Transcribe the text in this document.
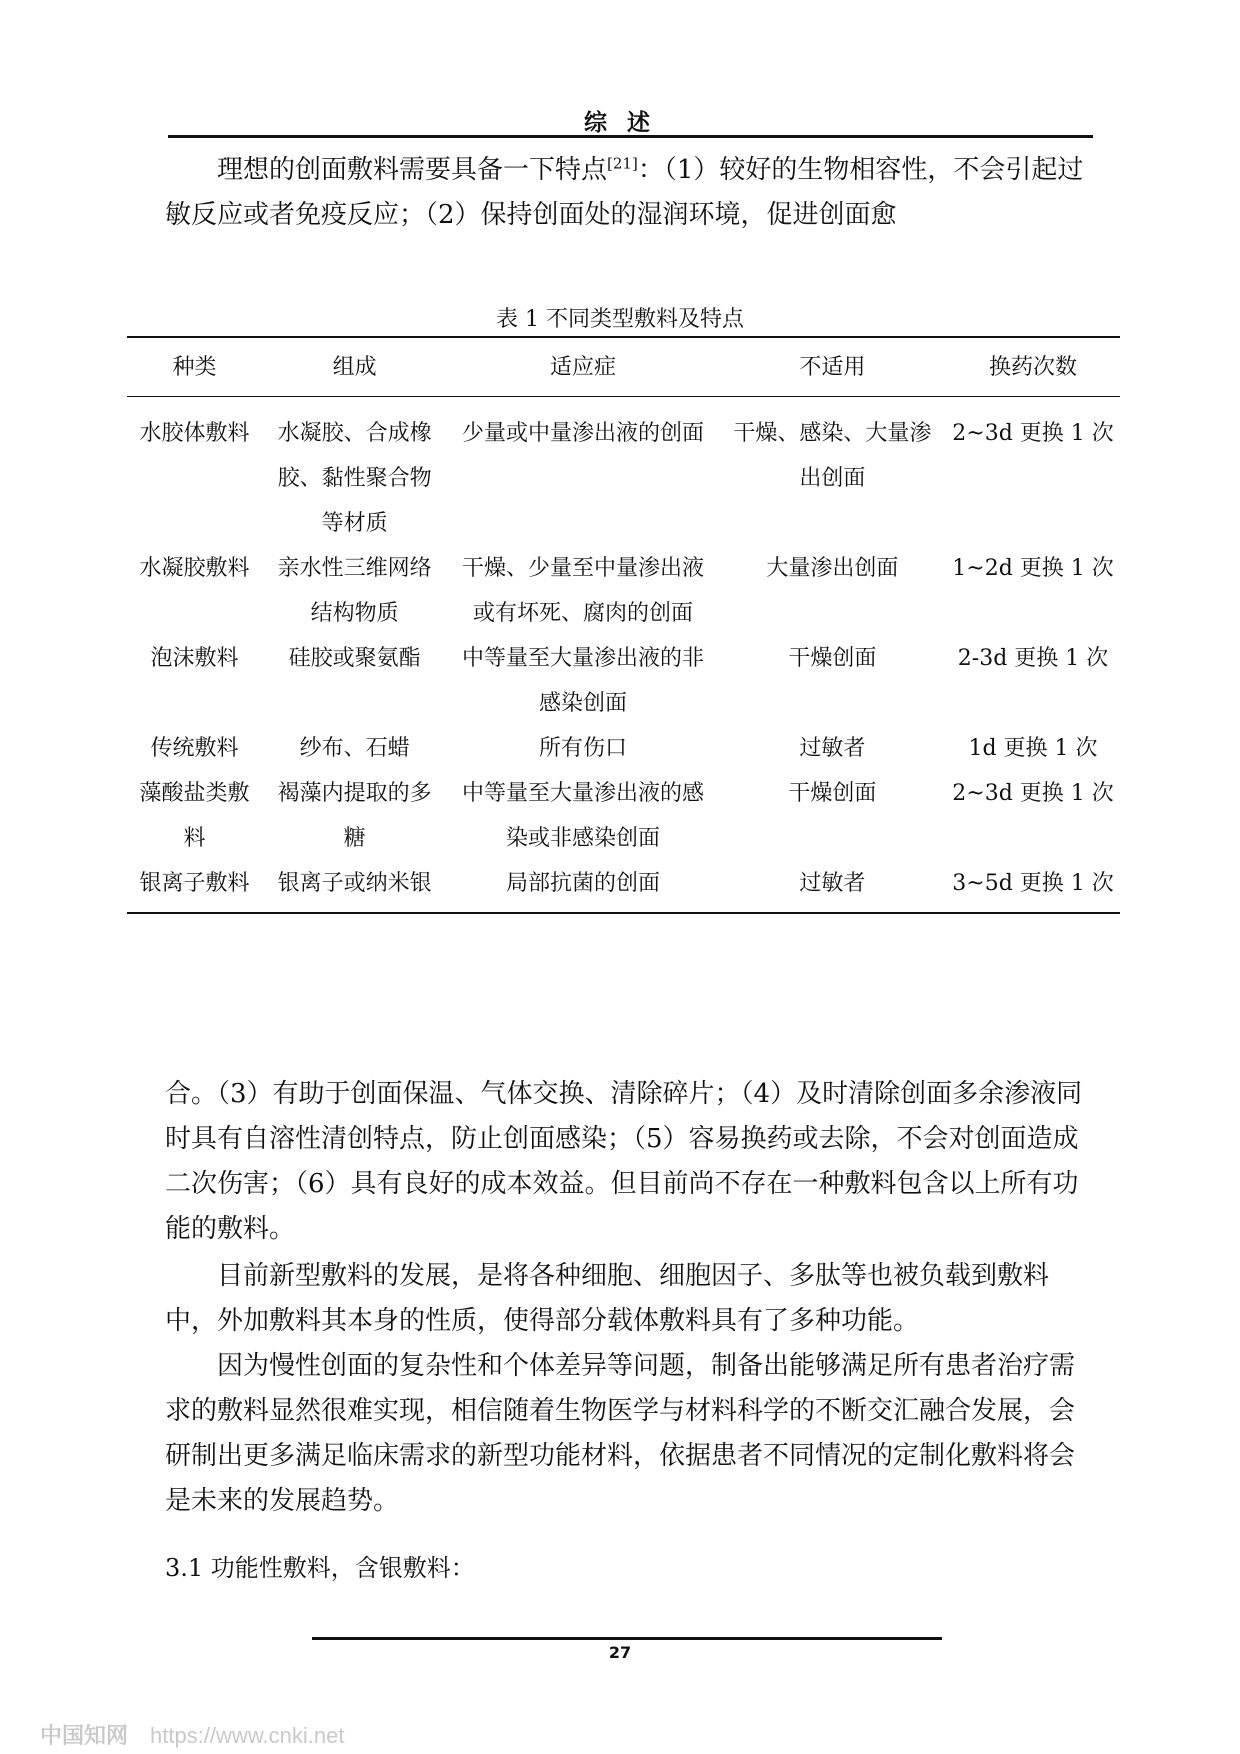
综 述

理想的创面敷料需要具备一下特点[21]：（1）较好的生物相容性，不会引起过敏反应或者免疫反应；（2）保持创面处的湿润环境，促进创面愈

表 1 不同类型敷料及特点
种类	组成	适应症	不适用	换药次数
水胶体敷料	水凝胶、合成橡胶、黏性聚合物等材质	少量或中量渗出液的创面	干燥、感染、大量渗出创面	2~3d 更换 1 次
水凝胶敷料	亲水性三维网络结构物质	干燥、少量至中量渗出液或有坏死、腐肉的创面	大量渗出创面	1~2d 更换 1 次
泡沫敷料	硅胶或聚氨酯	中等量至大量渗出液的非感染创面	干燥创面	2-3d 更换 1 次
传统敷料	纱布、石蜡	所有伤口	过敏者	1d 更换 1 次
藻酸盐类敷料	褐藻内提取的多糖	中等量至大量渗出液的感染或非感染创面	干燥创面	2~3d 更换 1 次
银离子敷料	银离子或纳米银	局部抗菌的创面	过敏者	3~5d 更换 1 次

合。（3）有助于创面保温、气体交换、清除碎片；（4）及时清除创面多余渗液同时具有自溶性清创特点，防止创面感染；（5）容易换药或去除，不会对创面造成二次伤害；（6）具有良好的成本效益。但目前尚不存在一种敷料包含以上所有功能的敷料。

目前新型敷料的发展，是将各种细胞、细胞因子、多肽等也被负载到敷料中，外加敷料其本身的性质，使得部分载体敷料具有了多种功能。

因为慢性创面的复杂性和个体差异等问题，制备出能够满足所有患者治疗需求的敷料显然很难实现，相信随着生物医学与材料科学的不断交汇融合发展，会研制出更多满足临床需求的新型功能材料，依据患者不同情况的定制化敷料将会是未来的发展趋势。

3.1 功能性敷料，含银敷料：

27
中国知网 https://www.cnki.net
